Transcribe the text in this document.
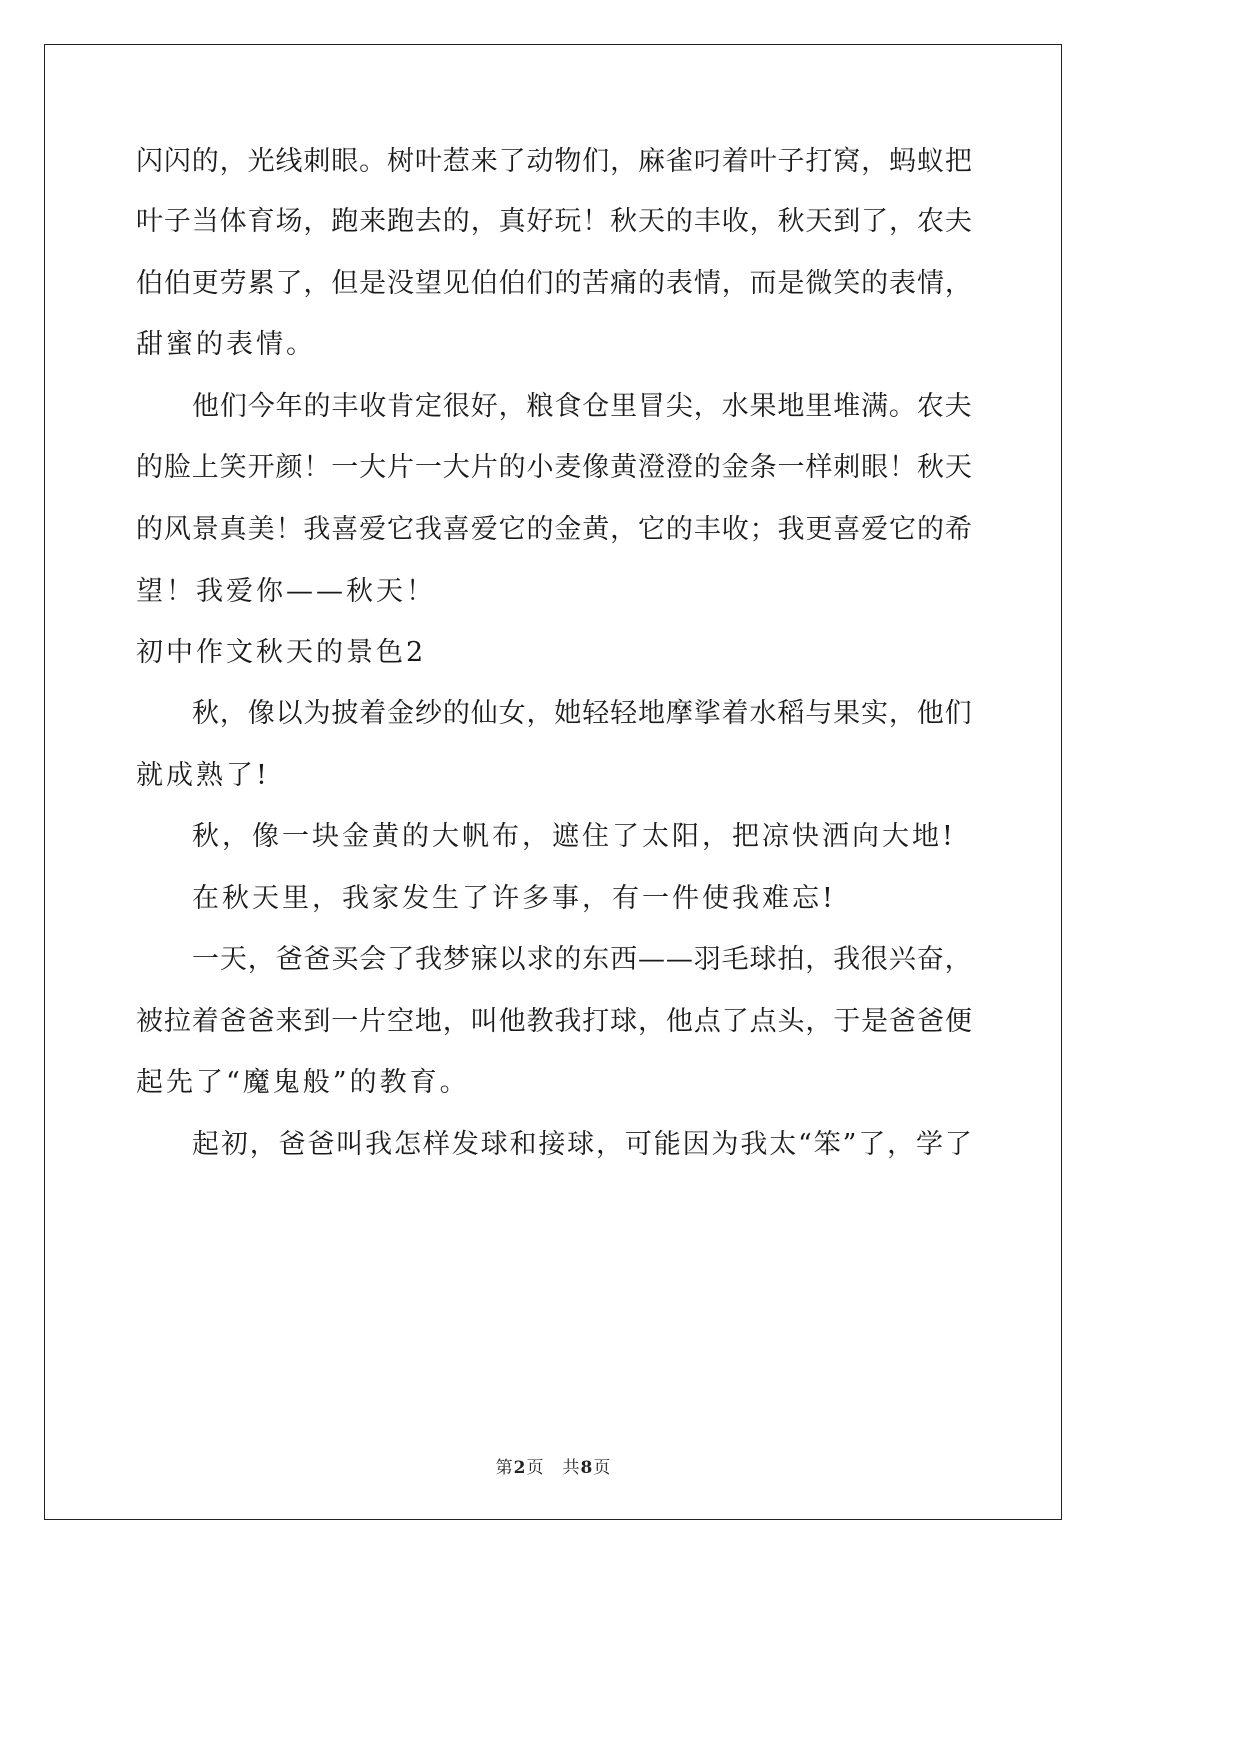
闪 闪 的 ， 光 线 刺 眼 。 树 叶 惹 来 了 动 物 们 ， 麻 雀 叼 着 叶 子 打 窝 ， 蚂 蚁 把
叶 子 当 体 育 场 ， 跑 来 跑 去 的 ， 真 好 玩 ！ 秋 天 的 丰 收 ， 秋 天 到 了 ， 农 夫
伯 伯 更 劳 累 了 ， 但 是 没 望 见 伯 伯 们 的 苦 痛 的 表 情 ， 而 是 微 笑 的 表 情 ，
甜蜜的表情。
他 们 今 年 的 丰 收 肯 定 很 好 ， 粮 食 仓 里 冒 尖 ， 水 果 地 里 堆 满 。 农 夫
的 脸 上 笑 开 颜 ！ 一 大 片 一 大 片 的 小 麦 像 黄 澄 澄 的 金 条 一 样 刺 眼 ！ 秋 天
的 风 景 真 美 ！ 我 喜 爱 它 我 喜 爱 它 的 金 黄 ， 它 的 丰 收 ； 我 更 喜 爱 它 的 希
望！我爱你——秋天！
初中作文秋天的景色2
秋 ， 像 以 为 披 着 金 纱 的 仙 女 ， 她 轻 轻 地 摩 挲 着 水 稻 与 果 实 ， 他 们
就成熟了!
秋，像一块金黄的大帆布，遮住了太阳，把凉快洒向大地!
在秋天里，我家发生了许多事，有一件使我难忘!
一 天 ， 爸 爸 买 会 了 我 梦 寐 以 求 的 东 西 — — 羽 毛 球 拍 ， 我 很 兴 奋 ，
被 拉 着 爸 爸 来 到 一 片 空 地 ， 叫 他 教 我 打 球 ， 他 点 了 点 头 ， 于 是 爸 爸 便
起先了“魔鬼般”的教育。
起 初 ， 爸 爸 叫 我 怎 样 发 球 和 接 球 ， 可 能 因 为 我 太 “ 笨 ” 了 ， 学 了
第2页　共8页
